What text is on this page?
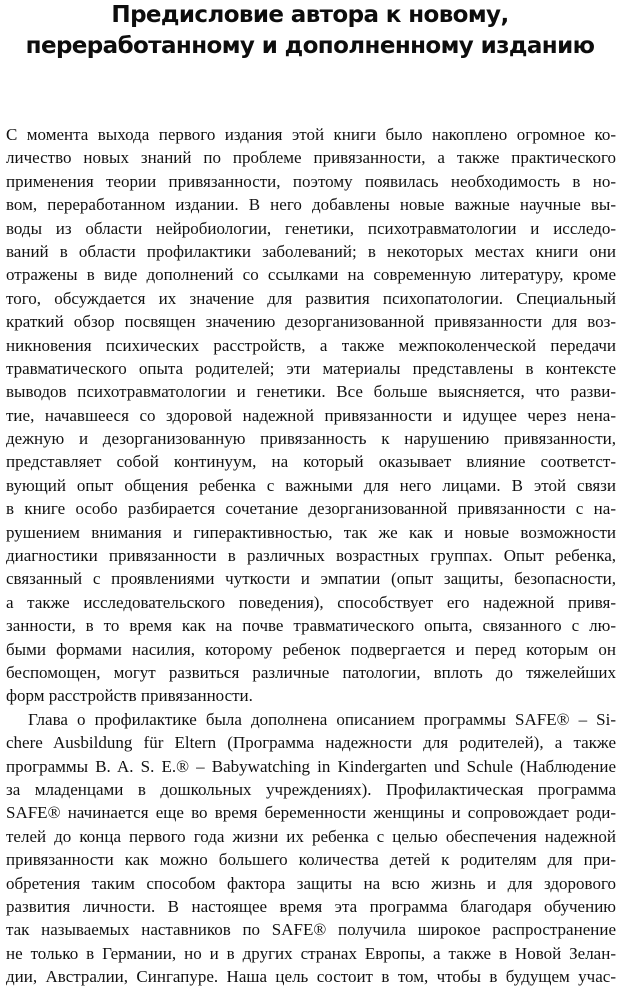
Предисловие автора к новому,
переработанному и дополненному изданию
С момента выхода первого издания этой книги было накоплено огромное ко-
личество новых знаний по проблеме привязанности, а также практического
применения теории привязанности, поэтому появилась необходимость в но-
вом, переработанном издании. В него добавлены новые важные научные вы-
воды из области нейробиологии, генетики, психотравматологии и исследо-
ваний в области профилактики заболеваний; в некоторых местах книги они
отражены в виде дополнений со ссылками на современную литературу, кроме
того, обсуждается их значение для развития психопатологии. Специальный
краткий обзор посвящен значению дезорганизованной привязанности для воз-
никновения психических расстройств, а также межпоколенческой передачи
травматического опыта родителей; эти материалы представлены в контексте
выводов психотравматологии и генетики. Все больше выясняется, что разви-
тие, начавшееся со здоровой надежной привязанности и идущее через ненa-
дежную и дезорганизованную привязанность к нарушению привязанности,
представляет собой континуум, на который оказывает влияние соответст-
вующий опыт общения ребенка с важными для него лицами. В этой связи
в книге особо разбирается сочетание дезорганизованной привязанности с на-
рушением внимания и гиперактивностью, так же как и новые возможности
диагностики привязанности в различных возрастных группах. Опыт ребенка,
связанный с проявлениями чуткости и эмпатии (опыт защиты, безопасности,
а также исследовательского поведения), способствует его надежной привя-
занности, в то время как на почве травматического опыта, связанного с лю-
быми формами насилия, которому ребенок подвергается и перед которым он
беспомощен, могут развиться различные патологии, вплоть до тяжелейших
форм расстройств привязанности.
Глава о профилактике была дополнена описанием программы SAFE® – Si-
chere Ausbildung für Eltern (Программа надежности для родителей), а также
программы B. A. S. E.® – Babywatching in Kindergarten und Schule (Наблюдение
за младенцами в дошкольных учреждениях). Профилактическая программа
SAFE® начинается еще во время беременности женщины и сопровождает роди-
телей до конца первого года жизни их ребенка с целью обеспечения надежной
привязанности как можно большего количества детей к родителям для при-
обретения таким способом фактора защиты на всю жизнь и для здорового
развития личности. В настоящее время эта программа благодаря обучению
так называемых наставников по SAFE® получила широкое распространение
не только в Германии, но и в других странах Европы, а также в Новой Зелан-
дии, Австралии, Сингапуре. Наша цель состоит в том, чтобы в будущем учас-
